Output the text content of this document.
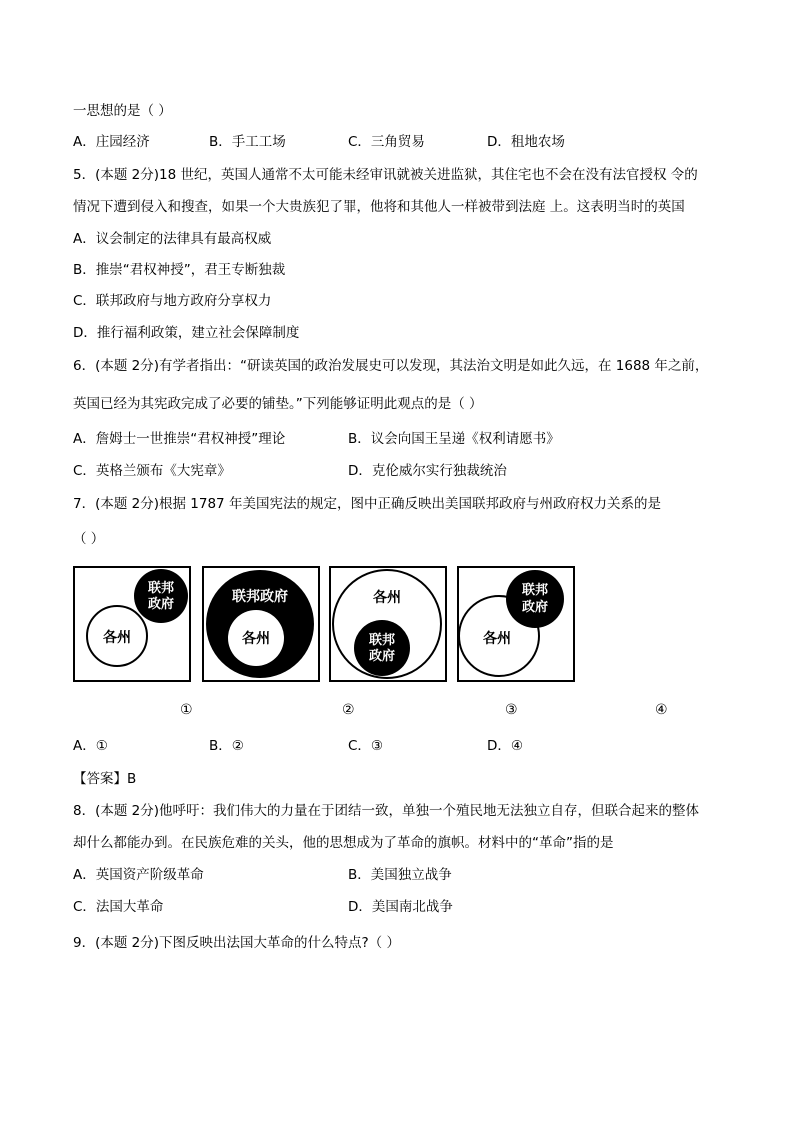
一思想的是（ ）
A．庄园经济	B．手工工场	C．三角贸易	D．租地农场
5．(本题 2分)18 世纪，英国人通常不太可能未经审讯就被关进监狱，其住宅也不会在没有法官授权 令的
情况下遭到侵入和搜查，如果一个大贵族犯了罪，他将和其他人一样被带到法庭 上。这表明当时的英国
A．议会制定的法律具有最高权威
B．推崇“君权神授”，君王专断独裁
C．联邦政府与地方政府分享权力
D．推行福利政策，建立社会保障制度
6．(本题 2分)有学者指出：“研读英国的政治发展史可以发现，其法治文明是如此久远，在 1688 年之前，
英国已经为其宪政完成了必要的铺垫。”下列能够证明此观点的是（ ）
A．詹姆士一世推崇“君权神授”理论	B．议会向国王呈递《权利请愿书》
C．英格兰颁布《大宪章》	D．克伦威尔实行独裁统治
7．(本题 2分)根据 1787 年美国宪法的规定，图中正确反映出美国联邦政府与州政府权力关系的是
（ ）
联邦
政府
各州
联邦政府
各州
各州
联邦
政府
联邦
政府
各州
①	②	③	④
A．①	B．②	C．③	D．④
【答案】B
8．(本题 2分)他呼吁：我们伟大的力量在于团结一致，单独一个殖民地无法独立自存，但联合起来的整体
却什么都能办到。在民族危难的关头，他的思想成为了革命的旗帜。材料中的“革命”指的是
A．英国资产阶级革命	B．美国独立战争
C．法国大革命	D．美国南北战争
9．(本题 2分)下图反映出法国大革命的什么特点?（ ）
